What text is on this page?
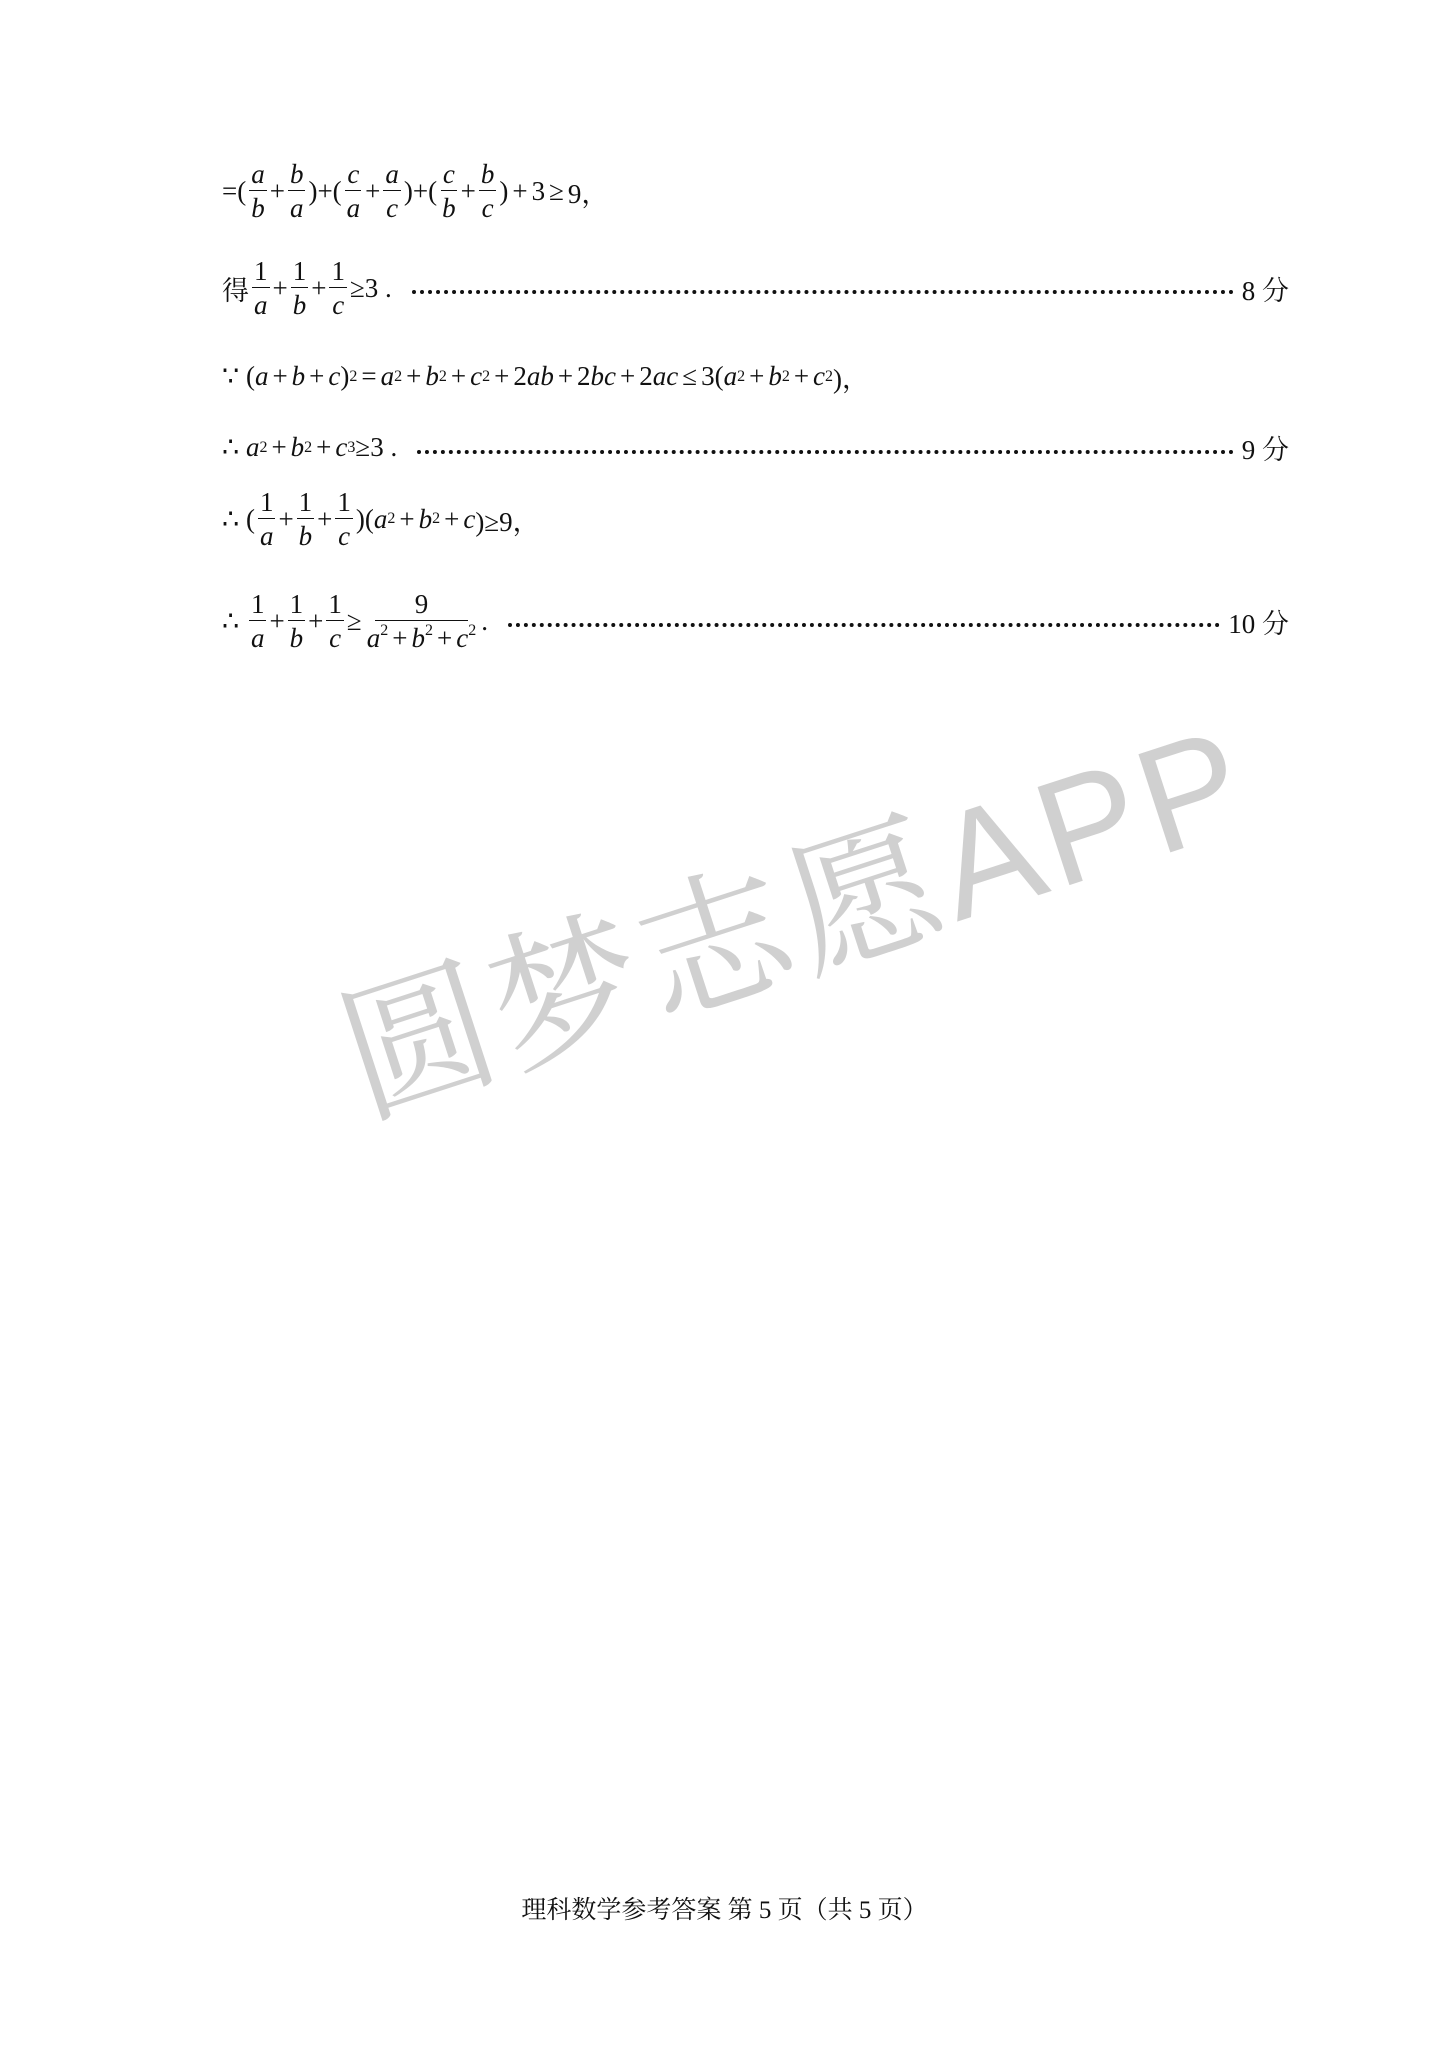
=( $\frac{a}{b} + \frac{b}{a}$ )+( $\frac{c}{a} + \frac{a}{c}$ )+( $\frac{c}{b} + \frac{b}{c}$ ) + 3 ≥ 9，
得 $\frac{1}{a} + \frac{1}{b} + \frac{1}{c} \ge 3$ .	8 分
∵ ( a + b + c ) 2 = a 2 + b 2 + c 2 + 2 ab + 2 bc + 2 ac ≤ 3( a 2 + b 2 + c 2 )，
∴
a 2 + b 2 + c 3 ≥3 .	9 分
∴ ( $\frac{1}{a} + \frac{1}{b} + \frac{1}{c}$ )( a 2 + b 2 + c )≥9，
∴
$\frac{1}{a} + \frac{1}{b} + \frac{1}{c} \ge \frac{9}{a^2 + b^2 + c^2}$ .	10 分
圆梦志愿APP
理科数学参考答案 第 5 页（共 5 页）
